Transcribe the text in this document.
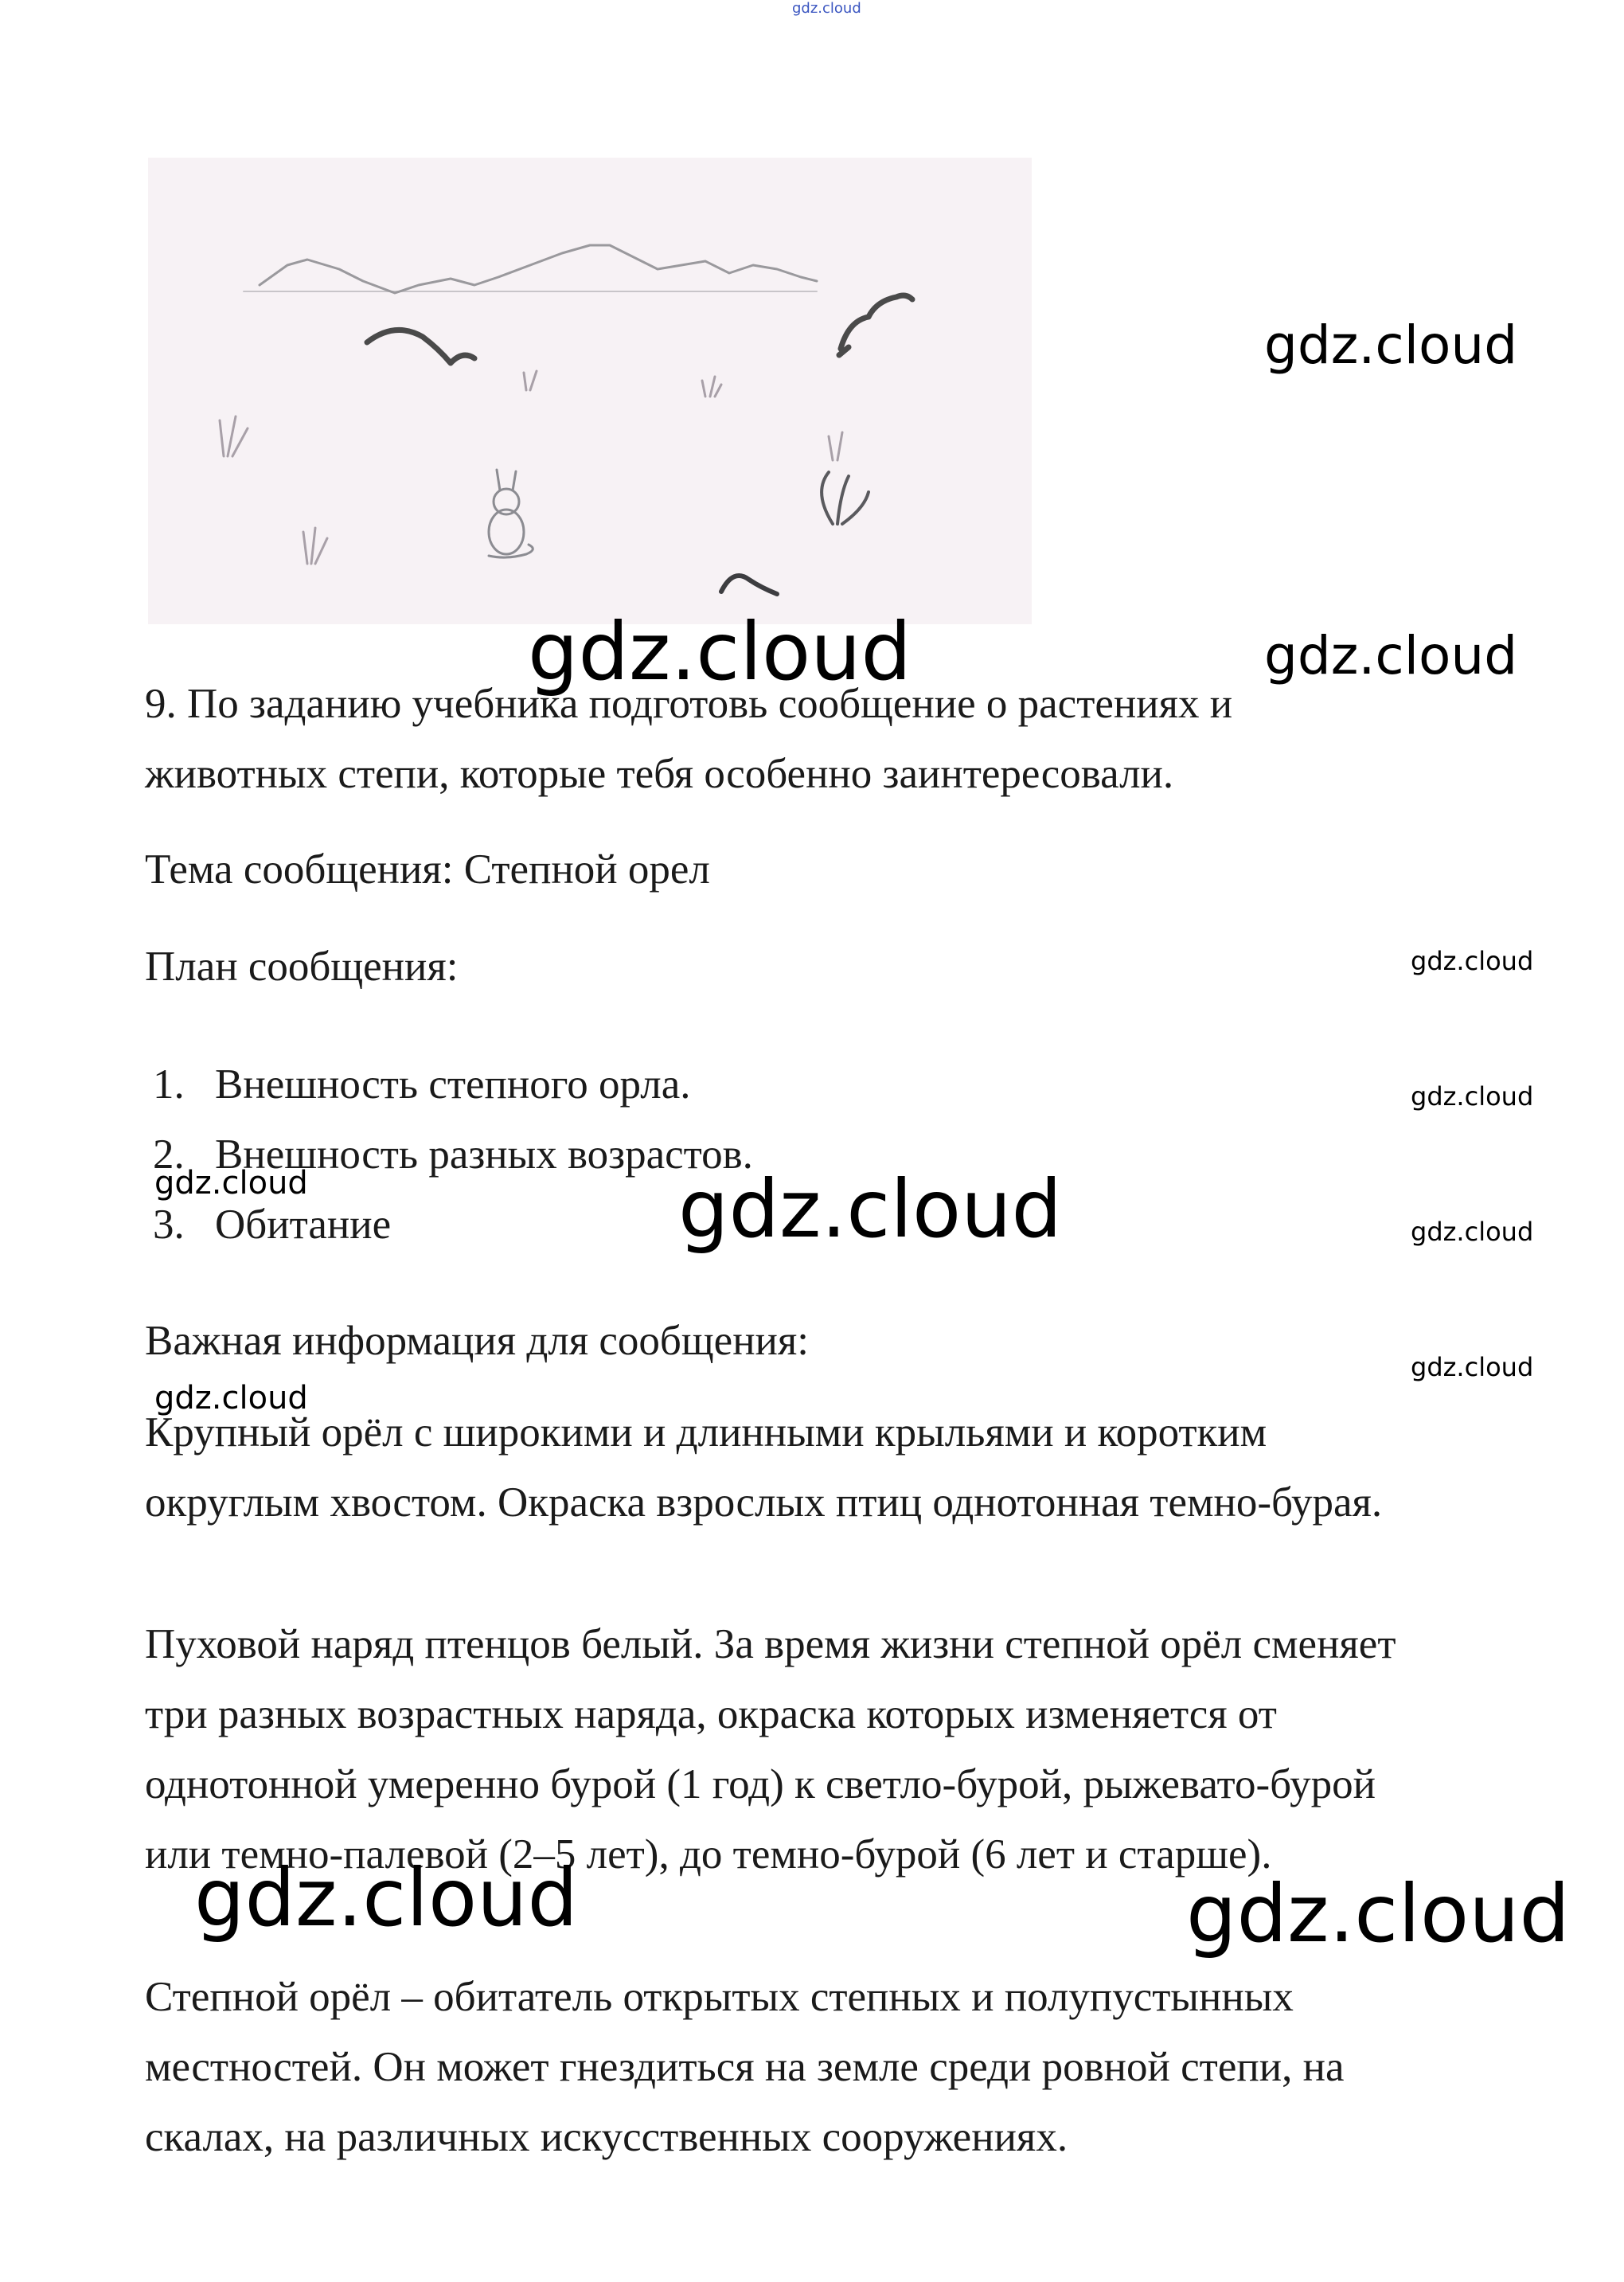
gdz.cloud
gdz.cloud
gdz.cloud	gdz.cloud
9. По заданию учебника подготовь сообщение о растениях и
животных степи, которые тебя особенно заинтересовали.
Тема сообщения: Степной орел
План сообщения:	gdz.cloud
1. Внешность степного орла.
2. Внешность разных возрастов.
3. Обитание
gdz.cloud
gdz.cloud	gdz.cloud	gdz.cloud
Важная информация для сообщения:
gdz.cloud
gdz.cloud

Крупный орёл с широкими и длинными крыльями и коротким

округлым хвостом. Окраска взрослых птиц однотонная темно-бурая.

Пуховой наряд птенцов белый. За время жизни степной орёл сменяет

три разных возрастных наряда, окраска которых изменяется от

однотонной умеренно бурой (1 год) к светло-бурой, рыжевато-бурой

или темно-палевой (2–5 лет), до темно-бурой (6 лет и старше).

gdz.cloud	gdz.cloud

Степной орёл – обитатель открытых степных и полупустынных

местностей. Он может гнездиться на земле среди ровной степи, на

скалах, на различных искусственных сооружениях.
